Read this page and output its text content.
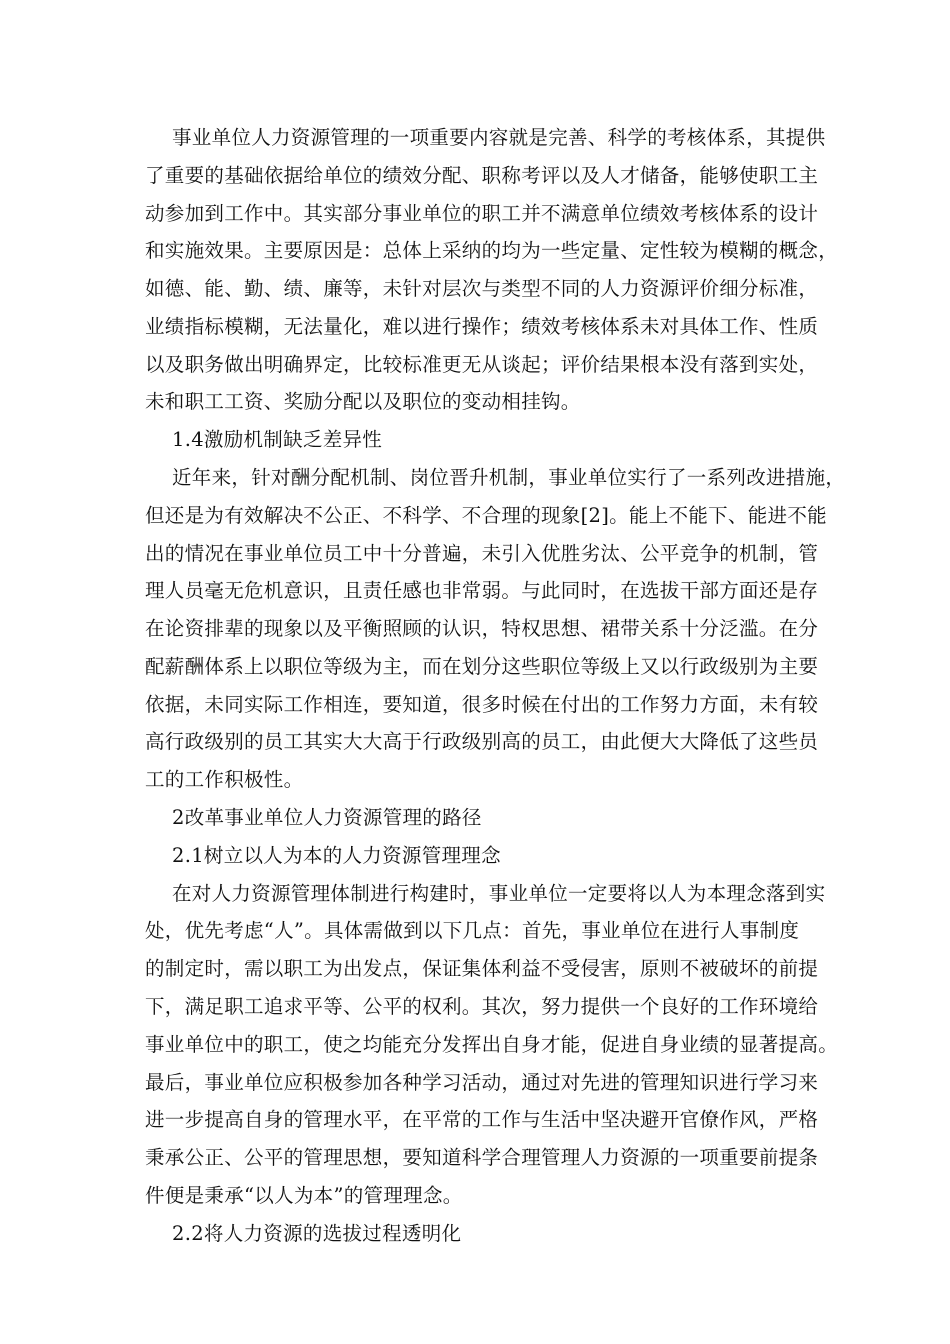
事业单位人力资源管理的一项重要内容就是完善、科学的考核体系，其提供
了重要的基础依据给单位的绩效分配、职称考评以及人才储备，能够使职工主
动参加到工作中。其实部分事业单位的职工并不满意单位绩效考核体系的设计
和实施效果。主要原因是：总体上采纳的均为一些定量、定性较为模糊的概念，
如德、能、勤、绩、廉等，未针对层次与类型不同的人力资源评价细分标准，
业绩指标模糊，无法量化，难以进行操作；绩效考核体系未对具体工作、性质
以及职务做出明确界定，比较标准更无从谈起；评价结果根本没有落到实处，
未和职工工资、奖励分配以及职位的变动相挂钩。
1.4激励机制缺乏差异性
近年来，针对酬分配机制、岗位晋升机制，事业单位实行了一系列改进措施，
但还是为有效解决不公正、不科学、不合理的现象[2]。能上不能下、能进不能
出的情况在事业单位员工中十分普遍，未引入优胜劣汰、公平竞争的机制，管
理人员毫无危机意识，且责任感也非常弱。与此同时，在选拔干部方面还是存
在论资排辈的现象以及平衡照顾的认识，特权思想、裙带关系十分泛滥。在分
配薪酬体系上以职位等级为主，而在划分这些职位等级上又以行政级别为主要
依据，未同实际工作相连，要知道，很多时候在付出的工作努力方面，未有较
高行政级别的员工其实大大高于行政级别高的员工，由此便大大降低了这些员
工的工作积极性。
2改革事业单位人力资源管理的路径
2.1树立以人为本的人力资源管理理念
在对人力资源管理体制进行构建时，事业单位一定要将以人为本理念落到实
处，优先考虑“人”。具体需做到以下几点：首先，事业单位在进行人事制度
的制定时，需以职工为出发点，保证集体利益不受侵害，原则不被破坏的前提
下，满足职工追求平等、公平的权利。其次，努力提供一个良好的工作环境给
事业单位中的职工，使之均能充分发挥出自身才能，促进自身业绩的显著提高。
最后，事业单位应积极参加各种学习活动，通过对先进的管理知识进行学习来
进一步提高自身的管理水平，在平常的工作与生活中坚决避开官僚作风，严格
秉承公正、公平的管理思想，要知道科学合理管理人力资源的一项重要前提条
件便是秉承“以人为本”的管理理念。
2.2将人力资源的选拔过程透明化
